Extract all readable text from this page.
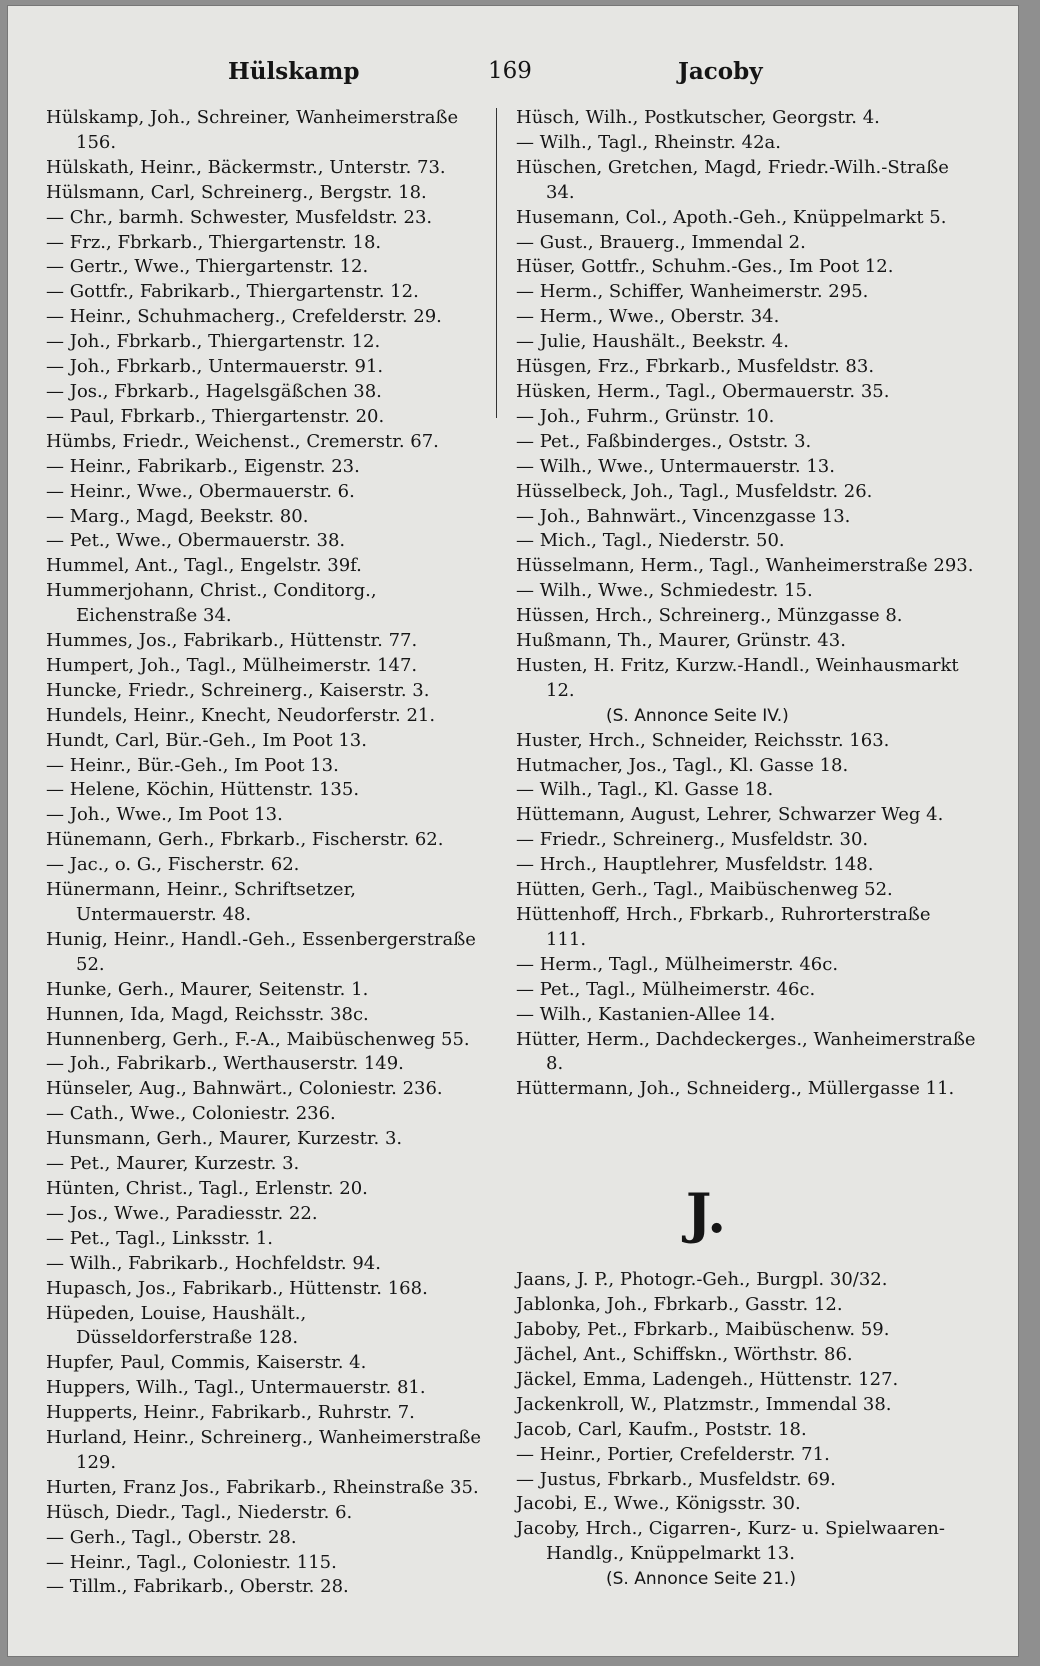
Hülskamp	169	Jacoby
Hülskamp, Joh., Schreiner, Wanheimerstraße 156.
Hülskath, Heinr., Bäckermstr., Unterstr. 73.
Hülsmann, Carl, Schreinerg., Bergstr. 18.
— Chr., barmh. Schwester, Musfeldstr. 23.
— Frz., Fbrkarb., Thiergartenstr. 18.
— Gertr., Wwe., Thiergartenstr. 12.
— Gottfr., Fabrikarb., Thiergartenstr. 12.
— Heinr., Schuhmacherg., Crefelderstr. 29.
— Joh., Fbrkarb., Thiergartenstr. 12.
— Joh., Fbrkarb., Untermauerstr. 91.
— Jos., Fbrkarb., Hagelsgäßchen 38.
— Paul, Fbrkarb., Thiergartenstr. 20.
Hümbs, Friedr., Weichenst., Cremerstr. 67.
— Heinr., Fabrikarb., Eigenstr. 23.
— Heinr., Wwe., Obermauerstr. 6.
— Marg., Magd, Beekstr. 80.
— Pet., Wwe., Obermauerstr. 38.
Hummel, Ant., Tagl., Engelstr. 39f.
Hummerjohann, Christ., Conditorg., Eichenstraße 34.
Hummes, Jos., Fabrikarb., Hüttenstr. 77.
Humpert, Joh., Tagl., Mülheimerstr. 147.
Huncke, Friedr., Schreinerg., Kaiserstr. 3.
Hundels, Heinr., Knecht, Neudorferstr. 21.
Hundt, Carl, Bür.-Geh., Im Poot 13.
— Heinr., Bür.-Geh., Im Poot 13.
— Helene, Köchin, Hüttenstr. 135.
— Joh., Wwe., Im Poot 13.
Hünemann, Gerh., Fbrkarb., Fischerstr. 62.
— Jac., o. G., Fischerstr. 62.
Hünermann, Heinr., Schriftsetzer, Untermauerstr. 48.
Hunig, Heinr., Handl.-Geh., Essenbergerstraße 52.
Hunke, Gerh., Maurer, Seitenstr. 1.
Hunnen, Ida, Magd, Reichsstr. 38c.
Hunnenberg, Gerh., F.-A., Maibüschenweg 55.
— Joh., Fabrikarb., Werthauserstr. 149.
Hünseler, Aug., Bahnwärt., Coloniestr. 236.
— Cath., Wwe., Coloniestr. 236.
Hunsmann, Gerh., Maurer, Kurzestr. 3.
— Pet., Maurer, Kurzestr. 3.
Hünten, Christ., Tagl., Erlenstr. 20.
— Jos., Wwe., Paradiesstr. 22.
— Pet., Tagl., Linksstr. 1.
— Wilh., Fabrikarb., Hochfeldstr. 94.
Hupasch, Jos., Fabrikarb., Hüttenstr. 168.
Hüpeden, Louise, Haushält., Düsseldorferstraße 128.
Hupfer, Paul, Commis, Kaiserstr. 4.
Huppers, Wilh., Tagl., Untermauerstr. 81.
Hupperts, Heinr., Fabrikarb., Ruhrstr. 7.
Hurland, Heinr., Schreinerg., Wanheimerstraße 129.
Hurten, Franz Jos., Fabrikarb., Rheinstraße 35.
Hüsch, Diedr., Tagl., Niederstr. 6.
— Gerh., Tagl., Oberstr. 28.
— Heinr., Tagl., Coloniestr. 115.
— Tillm., Fabrikarb., Oberstr. 28.
Hüsch, Wilh., Postkutscher, Georgstr. 4.
— Wilh., Tagl., Rheinstr. 42a.
Hüschen, Gretchen, Magd, Friedr.-Wilh.-Straße 34.
Husemann, Col., Apoth.-Geh., Knüppelmarkt 5.
— Gust., Brauerg., Immendal 2.
Hüser, Gottfr., Schuhm.-Ges., Im Poot 12.
— Herm., Schiffer, Wanheimerstr. 295.
— Herm., Wwe., Oberstr. 34.
— Julie, Haushält., Beekstr. 4.
Hüsgen, Frz., Fbrkarb., Musfeldstr. 83.
Hüsken, Herm., Tagl., Obermauerstr. 35.
— Joh., Fuhrm., Grünstr. 10.
— Pet., Faßbinderges., Oststr. 3.
— Wilh., Wwe., Untermauerstr. 13.
Hüsselbeck, Joh., Tagl., Musfeldstr. 26.
— Joh., Bahnwärt., Vincenzgasse 13.
— Mich., Tagl., Niederstr. 50.
Hüsselmann, Herm., Tagl., Wanheimerstraße 293.
— Wilh., Wwe., Schmiedestr. 15.
Hüssen, Hrch., Schreinerg., Münzgasse 8.
Hußmann, Th., Maurer, Grünstr. 43.
Husten, H. Fritz, Kurzw.-Handl., Weinhausmarkt 12.
(S. Annonce Seite IV.)
Huster, Hrch., Schneider, Reichsstr. 163.
Hutmacher, Jos., Tagl., Kl. Gasse 18.
— Wilh., Tagl., Kl. Gasse 18.
Hüttemann, August, Lehrer, Schwarzer Weg 4.
— Friedr., Schreinerg., Musfeldstr. 30.
— Hrch., Hauptlehrer, Musfeldstr. 148.
Hütten, Gerh., Tagl., Maibüschenweg 52.
Hüttenhoff, Hrch., Fbrkarb., Ruhrorterstraße 111.
— Herm., Tagl., Mülheimerstr. 46c.
— Pet., Tagl., Mülheimerstr. 46c.
— Wilh., Kastanien-Allee 14.
Hütter, Herm., Dachdeckerges., Wanheimerstraße 8.
Hüttermann, Joh., Schneiderg., Müllergasse 11.
J.
Jaans, J. P., Photogr.-Geh., Burgpl. 30/32.
Jablonka, Joh., Fbrkarb., Gasstr. 12.
Jaboby, Pet., Fbrkarb., Maibüschenw. 59.
Jächel, Ant., Schiffskn., Wörthstr. 86.
Jäckel, Emma, Ladengeh., Hüttenstr. 127.
Jackenkroll, W., Platzmstr., Immendal 38.
Jacob, Carl, Kaufm., Poststr. 18.
— Heinr., Portier, Crefelderstr. 71.
— Justus, Fbrkarb., Musfeldstr. 69.
Jacobi, E., Wwe., Königsstr. 30.
Jacoby, Hrch., Cigarren-, Kurz- u. Spielwaaren-Handlg., Knüppelmarkt 13.
(S. Annonce Seite 21.)
